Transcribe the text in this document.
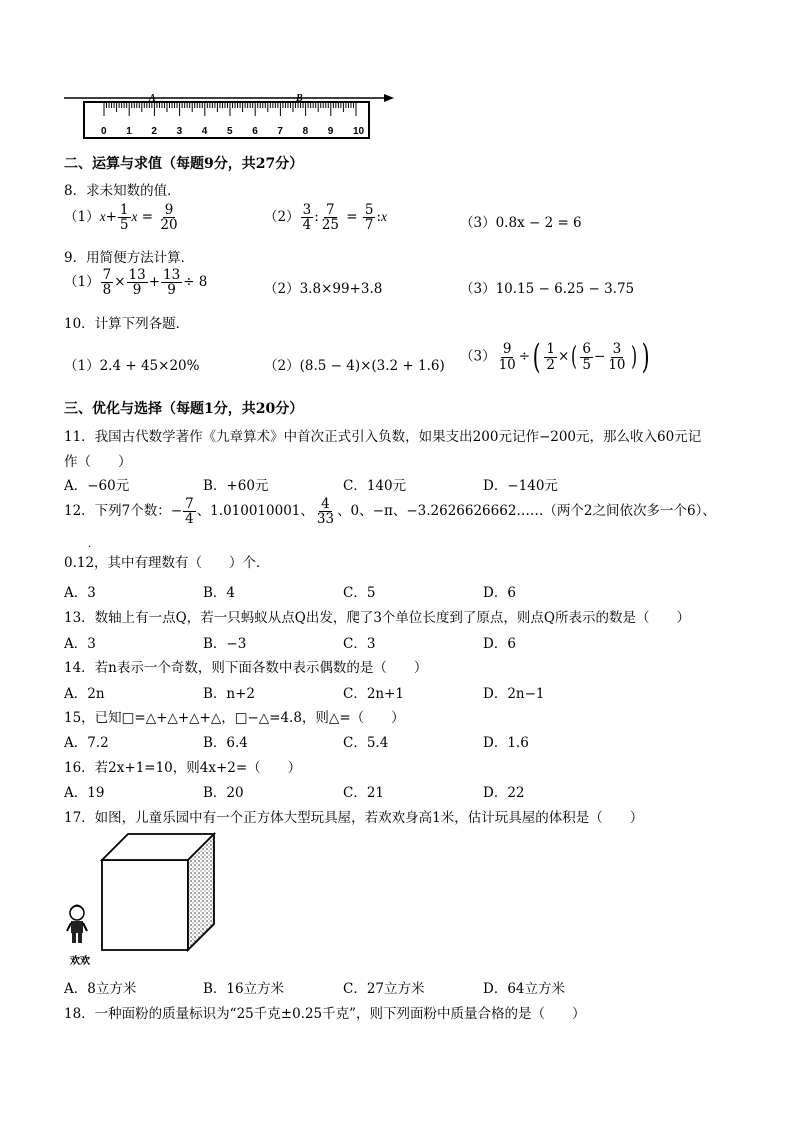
A	B
0 1 2 3 4 5 6 7 8 9 10
二、运算与求值（每题9分，共27分）
8．求未知数的值．
$(1)x+ \frac{1}{5}$ $x = \frac{9}{20}$	$(2) \frac{3}{4}$ : $\frac{7}{25} = \frac{5}{7}$ :x	（3）0.8x − 2 = 6
9．用简便方法计算．
$(1) \frac{7}{8} \times \frac{13}{9} + \frac{13}{9} \div 8$	（2）3.8×99+3.8	（3）10.15 − 6.25 − 3.75
10．计算下列各题．
（1）2.4 + 45×20%	（2）(8.5 − 4)×(3.2 + 1.6)
$(3) \frac{9}{10}$ ÷( $\frac{1}{2}$ ×( $\frac{6}{5} - \frac{3}{10}$ ) )
三、优化与选择（每题1分，共20分）
11．我国古代数学著作《九章算术》中首次正式引入负数，如果支出200元记作−200元，那么收入60元记
作（　　）
A．−60元	B．+60元	C．140元	D．−140元
12．下列7个数：− $\frac{7}{4}$ 、1.010010001、 $\frac{4}{33}$ 、0、−π、−3.2626626662……（两个2之间依次多一个6）、
0.12，其中有理数有（　　）个．
·
A．3	B．4	C．5	D．6
13．数轴上有一点Q，若一只蚂蚁从点Q出发，爬了3个单位长度到了原点，则点Q所表示的数是（　　）
A．3	B．−3	C．3	D．6
14．若n表示一个奇数，则下面各数中表示偶数的是（　　）
A．2n	B．n+2	C．2n+1	D．2n−1
15，已知□=△+△+△+△，□−△=4.8，则△=（　　）
A．7.2	B．6.4	C．5.4	D．1.6
16．若2x+1=10，则4x+2=（　　）
A．19	B．20	C．21	D．22
17．如图，儿童乐园中有一个正方体大型玩具屋，若欢欢身高1米，估计玩具屋的体积是（　　）
欢欢
A．8立方米	B．16立方米	C．27立方米	D．64立方米
18．一种面粉的质量标识为“25千克±0.25千克”，则下列面粉中质量合格的是（　　）
